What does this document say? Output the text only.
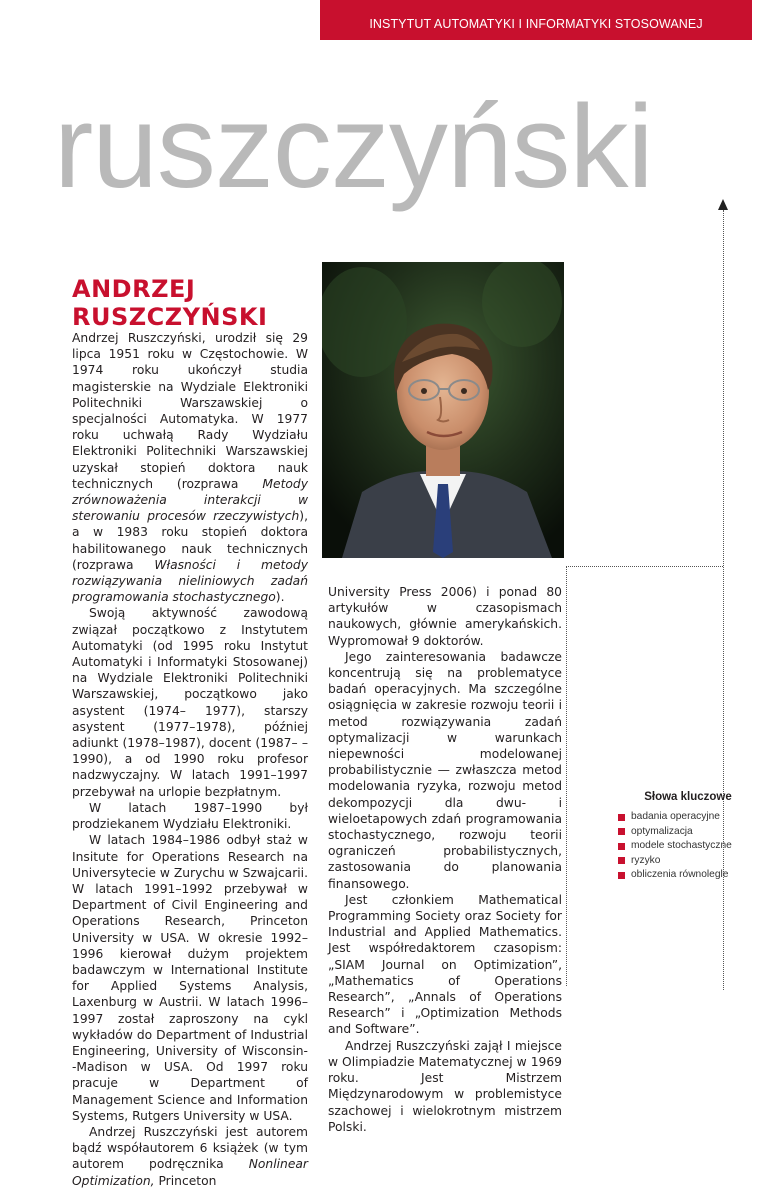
INSTYTUT AUTOMATYKI I INFORMATYKI STOSOWANEJ
ruszczyński
ANDRZEJ
RUSZCZYŃSKI

Andrzej Ruszczyński, urodził się 29 lipca 1951 roku w Częstochowie. W 1974 roku ukończył studia magisterskie na Wydziale Elektroniki Politechniki Warszawskiej o specjalności Automatyka. W 1977 roku uchwałą Rady Wydziału Elektroniki Politechniki Warszawskiej uzyskał stopień doktora nauk technicznych (rozprawa Metody zrównoważenia interakcji w sterowaniu procesów rzeczywistych), a w 1983 roku stopień doktora habilitowanego nauk technicznych (rozprawa Własności i metody rozwiązywania nieliniowych zadań programowania stochastycznego).

Swoją aktywność zawodową związał początkowo z Instytutem Automatyki (od 1995 roku Instytut Automatyki i Informatyki Stosowanej) na Wydziale Elektroniki Politechniki Warszawskiej, początkowo jako asystent (1974– 1977), starszy asystent (1977–1978), później adiunkt (1978–1987), docent (1987– –1990), a od 1990 roku profesor nadzwyczajny. W latach 1991–1997 przebywał na urlopie bezpłatnym.

W latach 1987–1990 był prodziekanem Wydziału Elektroniki.

W latach 1984–1986 odbył staż w Insitute for Operations Research na Universytecie w Zurychu w Szwajcarii. W latach 1991–1992 przebywał w Department of Civil Engineering and Operations Research, Princeton University w USA. W okresie 1992–1996 kierował dużym projektem badawczym w International Institute for Applied Systems Analysis, Laxenburg w Austrii. W latach 1996–1997 został zaproszony na cykl wykładów do Department of Industrial Engineering, University of Wisconsin- -Madison w USA. Od 1997 roku pracuje w Department of Management Science and Information Systems, Rutgers University w USA.

Andrzej Ruszczyński jest autorem bądź współautorem 6 książek (w tym autorem podręcznika Nonlinear Optimization, Princeton

University Press 2006) i ponad 80 artykułów w czasopismach naukowych, głównie amerykańskich. Wypromował 9 doktorów.

Jego zainteresowania badawcze koncentrują się na problematyce badań operacyjnych. Ma szczególne osiągnięcia w zakresie rozwoju teorii i metod rozwiązywania zadań optymalizacji w warunkach niepewności modelowanej probabilistycznie — zwłaszcza metod modelowania ryzyka, rozwoju metod dekompozycji dla dwu- i wieloetapowych zdań programowania stochastycznego, rozwoju teorii ograniczeń probabilistycznych, zastosowania do planowania finansowego.

Jest członkiem Mathematical Programming Society oraz Society for Industrial and Applied Mathematics. Jest współredaktorem czasopism: „SIAM Journal on Optimization”, „Mathematics of Operations Research”, „Annals of Operations Research” i „Optimization Methods and Software”.

Andrzej Ruszczyński zajął I miejsce w Olimpiadzie Matematycznej w 1969 roku. Jest Mistrzem Międzynarodowym w problemistyce szachowej i wielokrotnym mistrzem Polski.

Słowa kluczowe
badania operacyjne
optymalizacja
modele stochastyczne
ryzyko
obliczenia równolegle
